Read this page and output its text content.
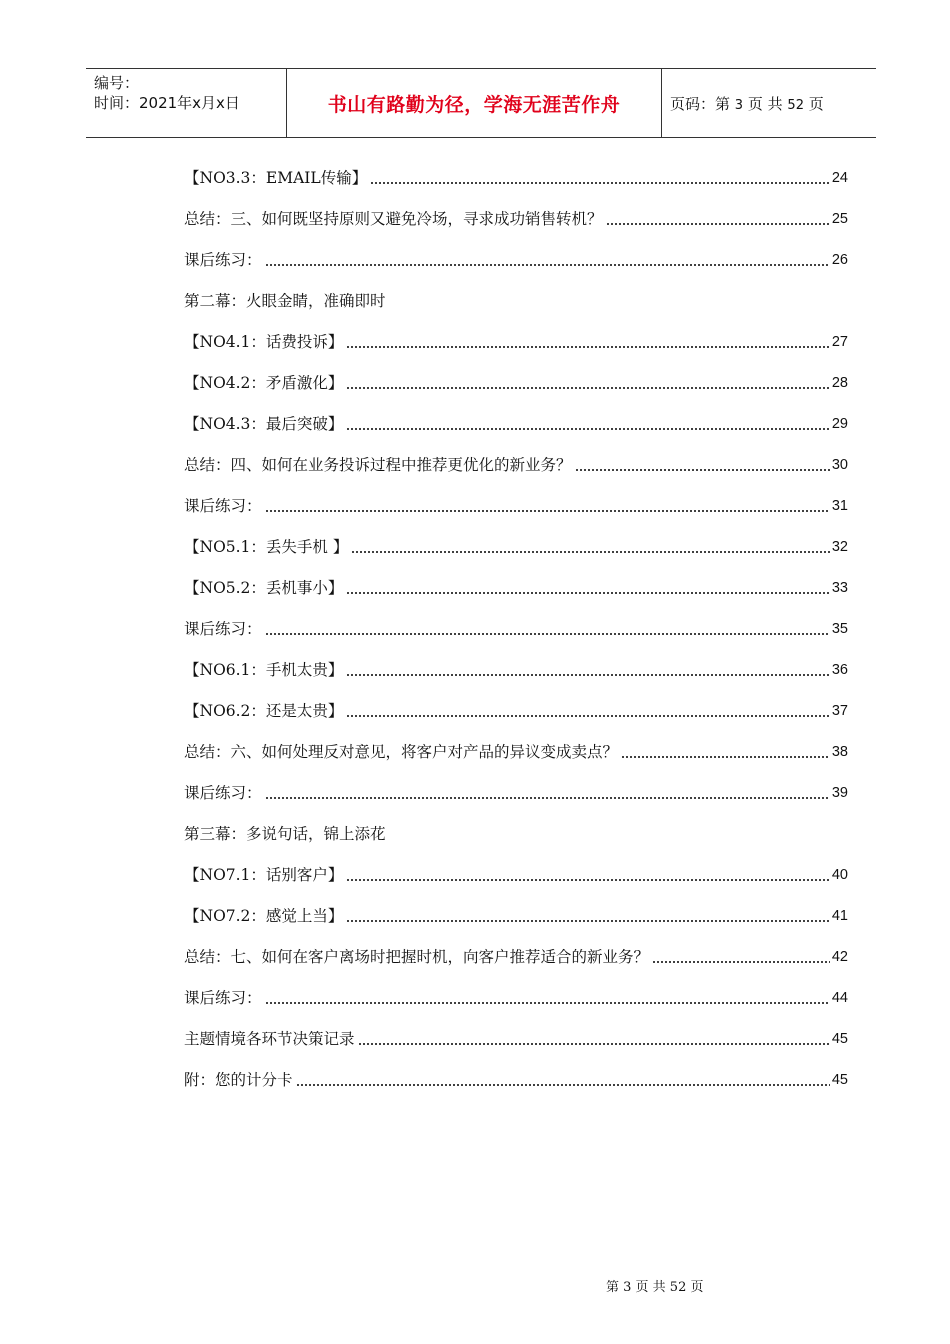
编号：
时间：2021年x月x日	书山有路勤为径，学海无涯苦作舟	页码：第 3 页 共 52 页
【NO3.3：EMAIL传输】	24
总结：三、如何既坚持原则又避免冷场，寻求成功销售转机？	25
课后练习：	26
第二幕：火眼金睛，准确即时
【NO4.1：话费投诉】	27
【NO4.2：矛盾激化】	28
【NO4.3：最后突破】	29
总结：四、如何在业务投诉过程中推荐更优化的新业务？	30
课后练习：	31
【NO5.1：丢失手机 】	32
【NO5.2：丢机事小】	33
课后练习：	35
【NO6.1：手机太贵】	36
【NO6.2：还是太贵】	37
总结：六、如何处理反对意见，将客户对产品的异议变成卖点？	38
课后练习：	39
第三幕：多说句话，锦上添花
【NO7.1：话别客户】	40
【NO7.2：感觉上当】	41
总结：七、如何在客户离场时把握时机，向客户推荐适合的新业务？	42
课后练习：	44
主题情境各环节决策记录	45
附：您的计分卡	45
第 3 页 共 52 页
